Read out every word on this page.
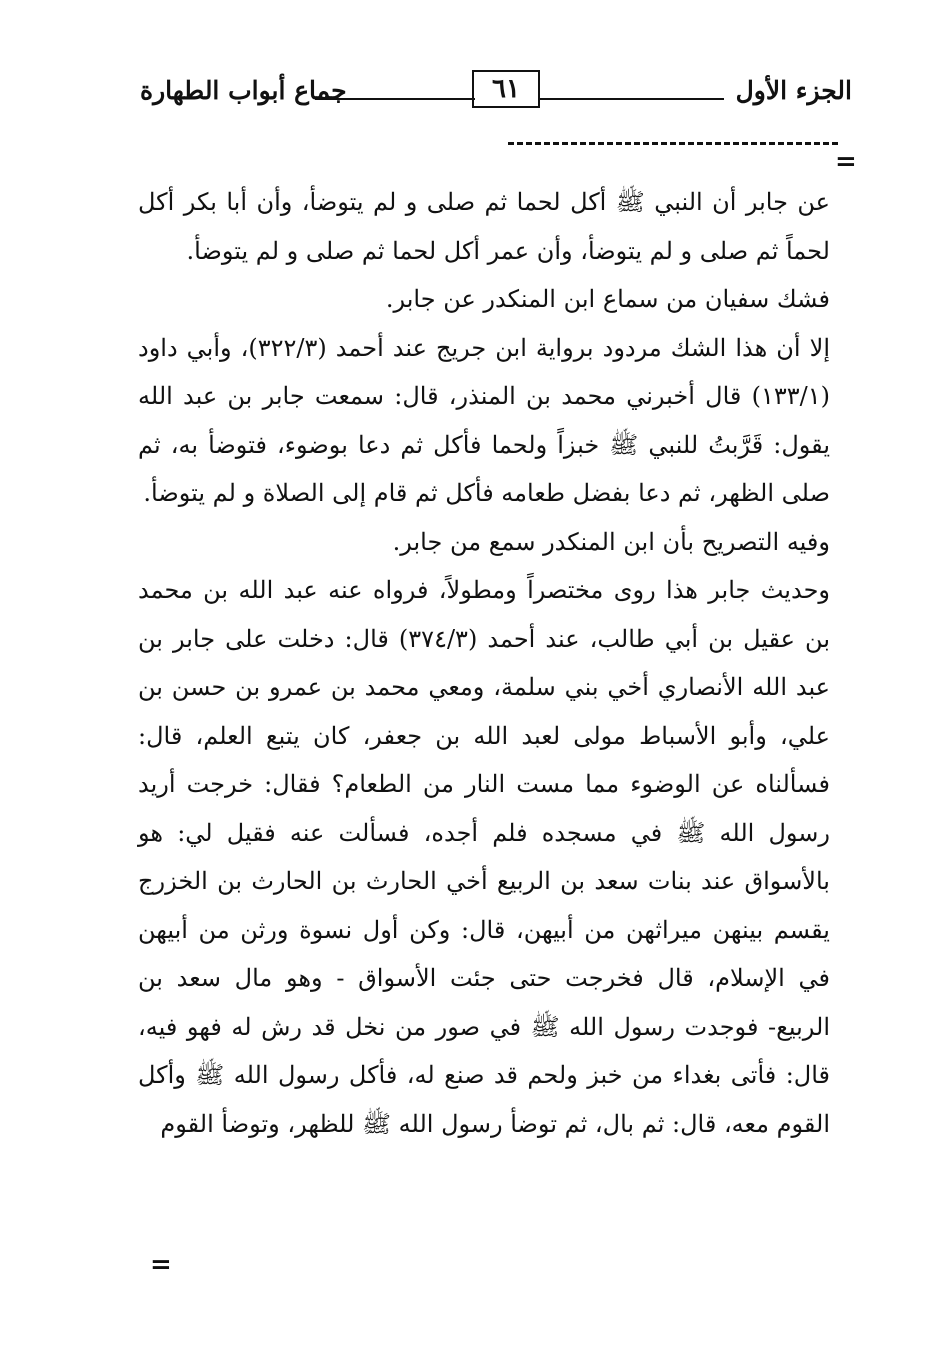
الجزء الأول
٦١
جماع أبواب الطهارة
=

عن جابر أن النبي ﷺ أكل لحما ثم صلى و لم يتوضأ، وأن أبا بكر أكل لحماً ثم صلى و لم يتوضأ، وأن عمر أكل لحما ثم صلى و لم يتوضأ.

فشك سفيان من سماع ابن المنكدر عن جابر.

إلا أن هذا الشك مردود برواية ابن جريج عند أحمد (٣٢٢/٣)، وأبي داود (١٣٣/١) قال أخبرني محمد بن المنذر، قال: سمعت جابر بن عبد الله يقول: قَرَّبتُ للنبي ﷺ خبزاً ولحما فأكل ثم دعا بوضوء، فتوضأ به، ثم صلى الظهر، ثم دعا بفضل طعامه فأكل ثم قام إلى الصلاة و لم يتوضأ.

وفيه التصريح بأن ابن المنكدر سمع من جابر.

وحديث جابر هذا روى مختصراً ومطولاً، فرواه عنه عبد الله بن محمد بن عقيل بن أبي طالب، عند أحمد (٣٧٤/٣) قال: دخلت على جابر بن عبد الله الأنصاري أخي بني سلمة، ومعي محمد بن عمرو بن حسن بن علي، وأبو الأسباط مولى لعبد الله بن جعفر، كان يتبع العلم، قال: فسألناه عن الوضوء مما مست النار من الطعام؟ فقال: خرجت أريد رسول الله ﷺ في مسجده فلم أجده، فسألت عنه فقيل لي: هو بالأسواق عند بنات سعد بن الربيع أخي الحارث بن الحارث بن الخزرج يقسم بينهن ميراثهن من أبيهن، قال: وكن أول نسوة ورثن من أبيهن في الإسلام، قال فخرجت حتى جئت الأسواق - وهو مال سعد بن الربيع- فوجدت رسول الله ﷺ في صور من نخل قد رش له فهو فيه، قال: فأتى بغداء من خبز ولحم قد صنع له، فأكل رسول الله ﷺ وأكل القوم معه، قال: ثم بال، ثم توضأ رسول الله ﷺ للظهر، وتوضأ القوم

=
